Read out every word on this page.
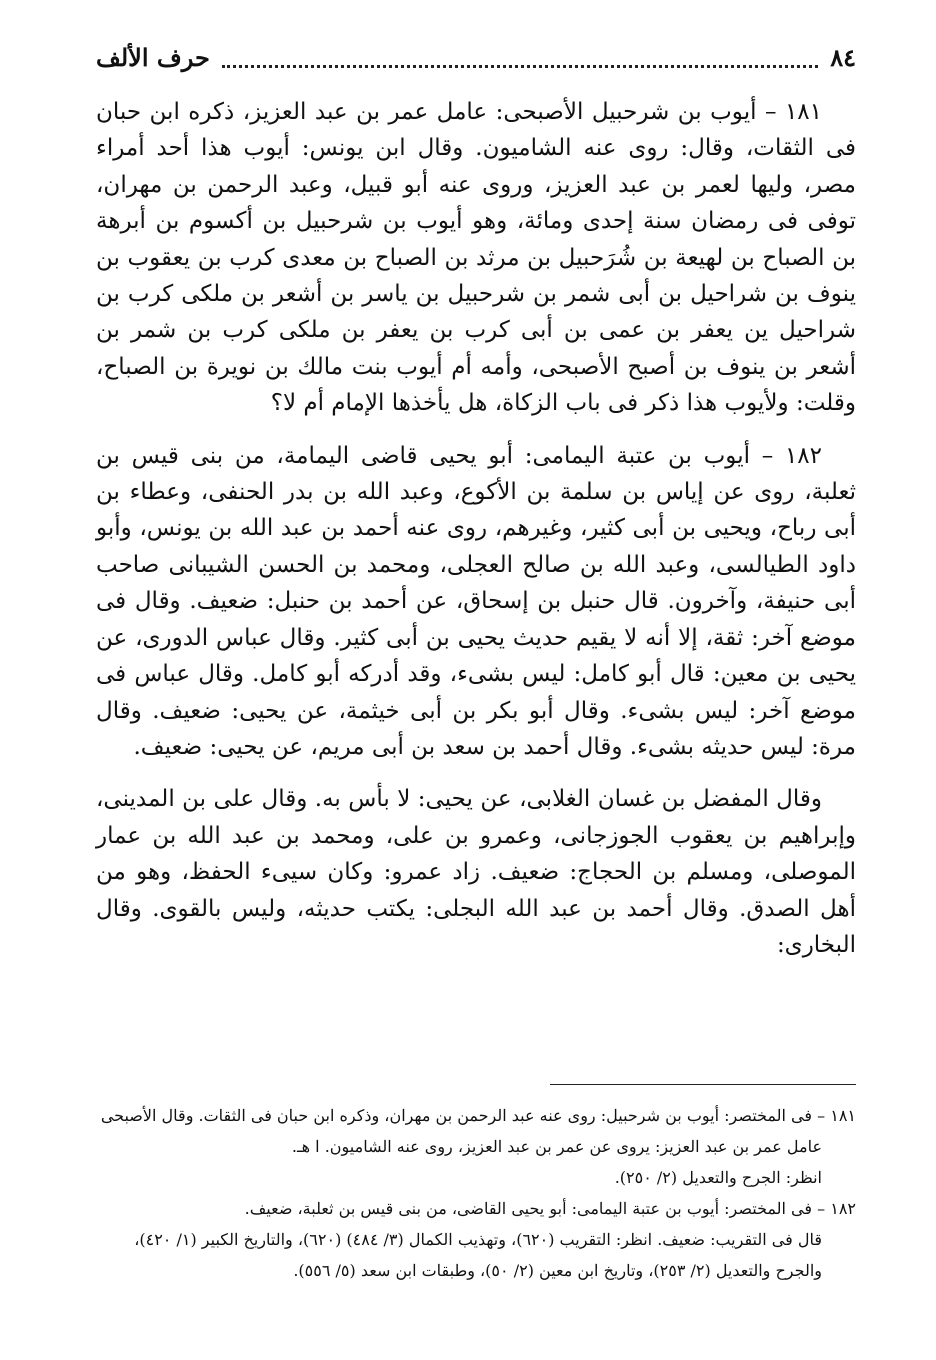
٨٤
حرف الألف

١٨١ – أيوب بن شرحبيل الأصبحى: عامل عمر بن عبد العزيز، ذكره ابن حبان فى الثقات، وقال: روى عنه الشاميون. وقال ابن يونس: أيوب هذا أحد أمراء مصر، وليها لعمر بن عبد العزيز، وروى عنه أبو قبيل، وعبد الرحمن بن مهران، توفى فى رمضان سنة إحدى ومائة، وهو أيوب بن شرحبيل بن أكسوم بن أبرهة بن الصباح بن لهيعة بن شُرَحبيل بن مرثد بن الصباح بن معدى كرب بن يعقوب بن ينوف بن شراحيل بن أبى شمر بن شرحبيل بن ياسر بن أشعر بن ملكى كرب بن شراحيل ين يعفر بن عمى بن أبى كرب بن يعفر بن ملكى كرب بن شمر بن أشعر بن ينوف بن أصبح الأصبحى، وأمه أم أيوب بنت مالك بن نويرة بن الصباح، وقلت: ولأيوب هذا ذكر فى باب الزكاة، هل يأخذها الإمام أم لا؟

١٨٢ – أيوب بن عتبة اليمامى: أبو يحيى قاضى اليمامة، من بنى قيس بن ثعلبة، روى عن إياس بن سلمة بن الأكوع، وعبد الله بن بدر الحنفى، وعطاء بن أبى رباح، ويحيى بن أبى كثير، وغيرهم، روى عنه أحمد بن عبد الله بن يونس، وأبو داود الطيالسى، وعبد الله بن صالح العجلى، ومحمد بن الحسن الشيبانى صاحب أبى حنيفة، وآخرون. قال حنبل بن إسحاق، عن أحمد بن حنبل: ضعيف. وقال فى موضع آخر: ثقة، إلا أنه لا يقيم حديث يحيى بن أبى كثير. وقال عباس الدورى، عن يحيى بن معين: قال أبو كامل: ليس بشىء، وقد أدركه أبو كامل. وقال عباس فى موضع آخر: ليس بشىء. وقال أبو بكر بن أبى خيثمة، عن يحيى: ضعيف. وقال مرة: ليس حديثه بشىء. وقال أحمد بن سعد بن أبى مريم، عن يحيى: ضعيف.

وقال المفضل بن غسان الغلابى، عن يحيى: لا بأس به. وقال على بن المدينى، وإبراهيم بن يعقوب الجوزجانى، وعمرو بن على، ومحمد بن عبد الله بن عمار الموصلى، ومسلم بن الحجاج: ضعيف. زاد عمرو: وكان سيىء الحفظ، وهو من أهل الصدق. وقال أحمد بن عبد الله البجلى: يكتب حديثه، وليس بالقوى. وقال البخارى:

١٨١ – فى المختصر: أيوب بن شرحبيل: روى عنه عبد الرحمن بن مهران، وذكره ابن حبان فى الثقات. وقال الأصبحى

عامل عمر بن عبد العزيز: يروى عن عمر بن عبد العزيز، روى عنه الشاميون. ا هـ.

انظر: الجرح والتعديل (٢/ ٢٥٠).

١٨٢ – فى المختصر: أيوب بن عتبة اليمامى: أبو يحيى القاضى، من بنى قيس بن ثعلبة، ضعيف.

قال فى التقريب: ضعيف. انظر: التقريب (٦٢٠)، وتهذيب الكمال (٣/ ٤٨٤) (٦٢٠)، والتاريخ الكبير (١/ ٤٢٠)،

والجرح والتعديل (٢/ ٢٥٣)، وتاريخ ابن معين (٢/ ٥٠)، وطبقات ابن سعد (٥/ ٥٥٦).
